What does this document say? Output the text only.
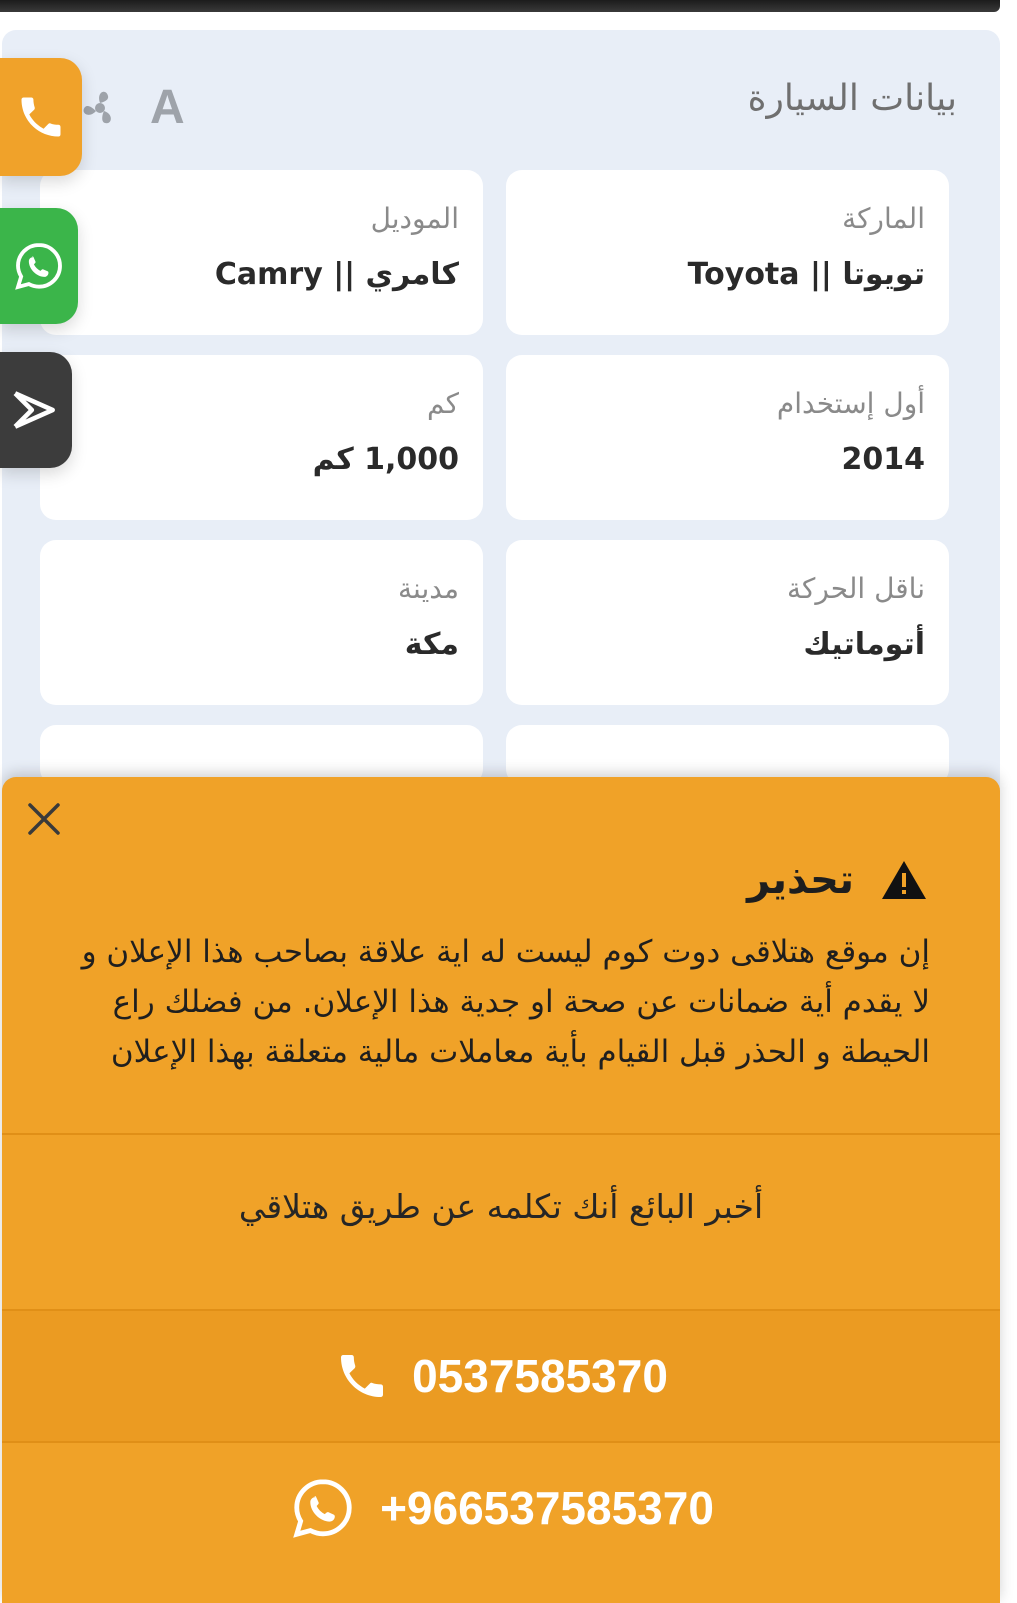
بيانات السيارة
A
الماركة
تويوتا || Toyota
الموديل
كامري || Camry
أول إستخدام
2014
كم
1,000 كم
ناقل الحركة
أتوماتيك
مدينة
مكة
تحذير
إن موقع هتلاقى دوت كوم ليست له اية علاقة بصاحب هذا الإعلان و لا يقدم أية ضمانات عن صحة او جدية هذا الإعلان. من فضلك راع الحيطة و الحذر قبل القيام بأية معاملات مالية متعلقة بهذا الإعلان
أخبر البائع أنك تكلمه عن طريق هتلاقي
0537585370
+966537585370
